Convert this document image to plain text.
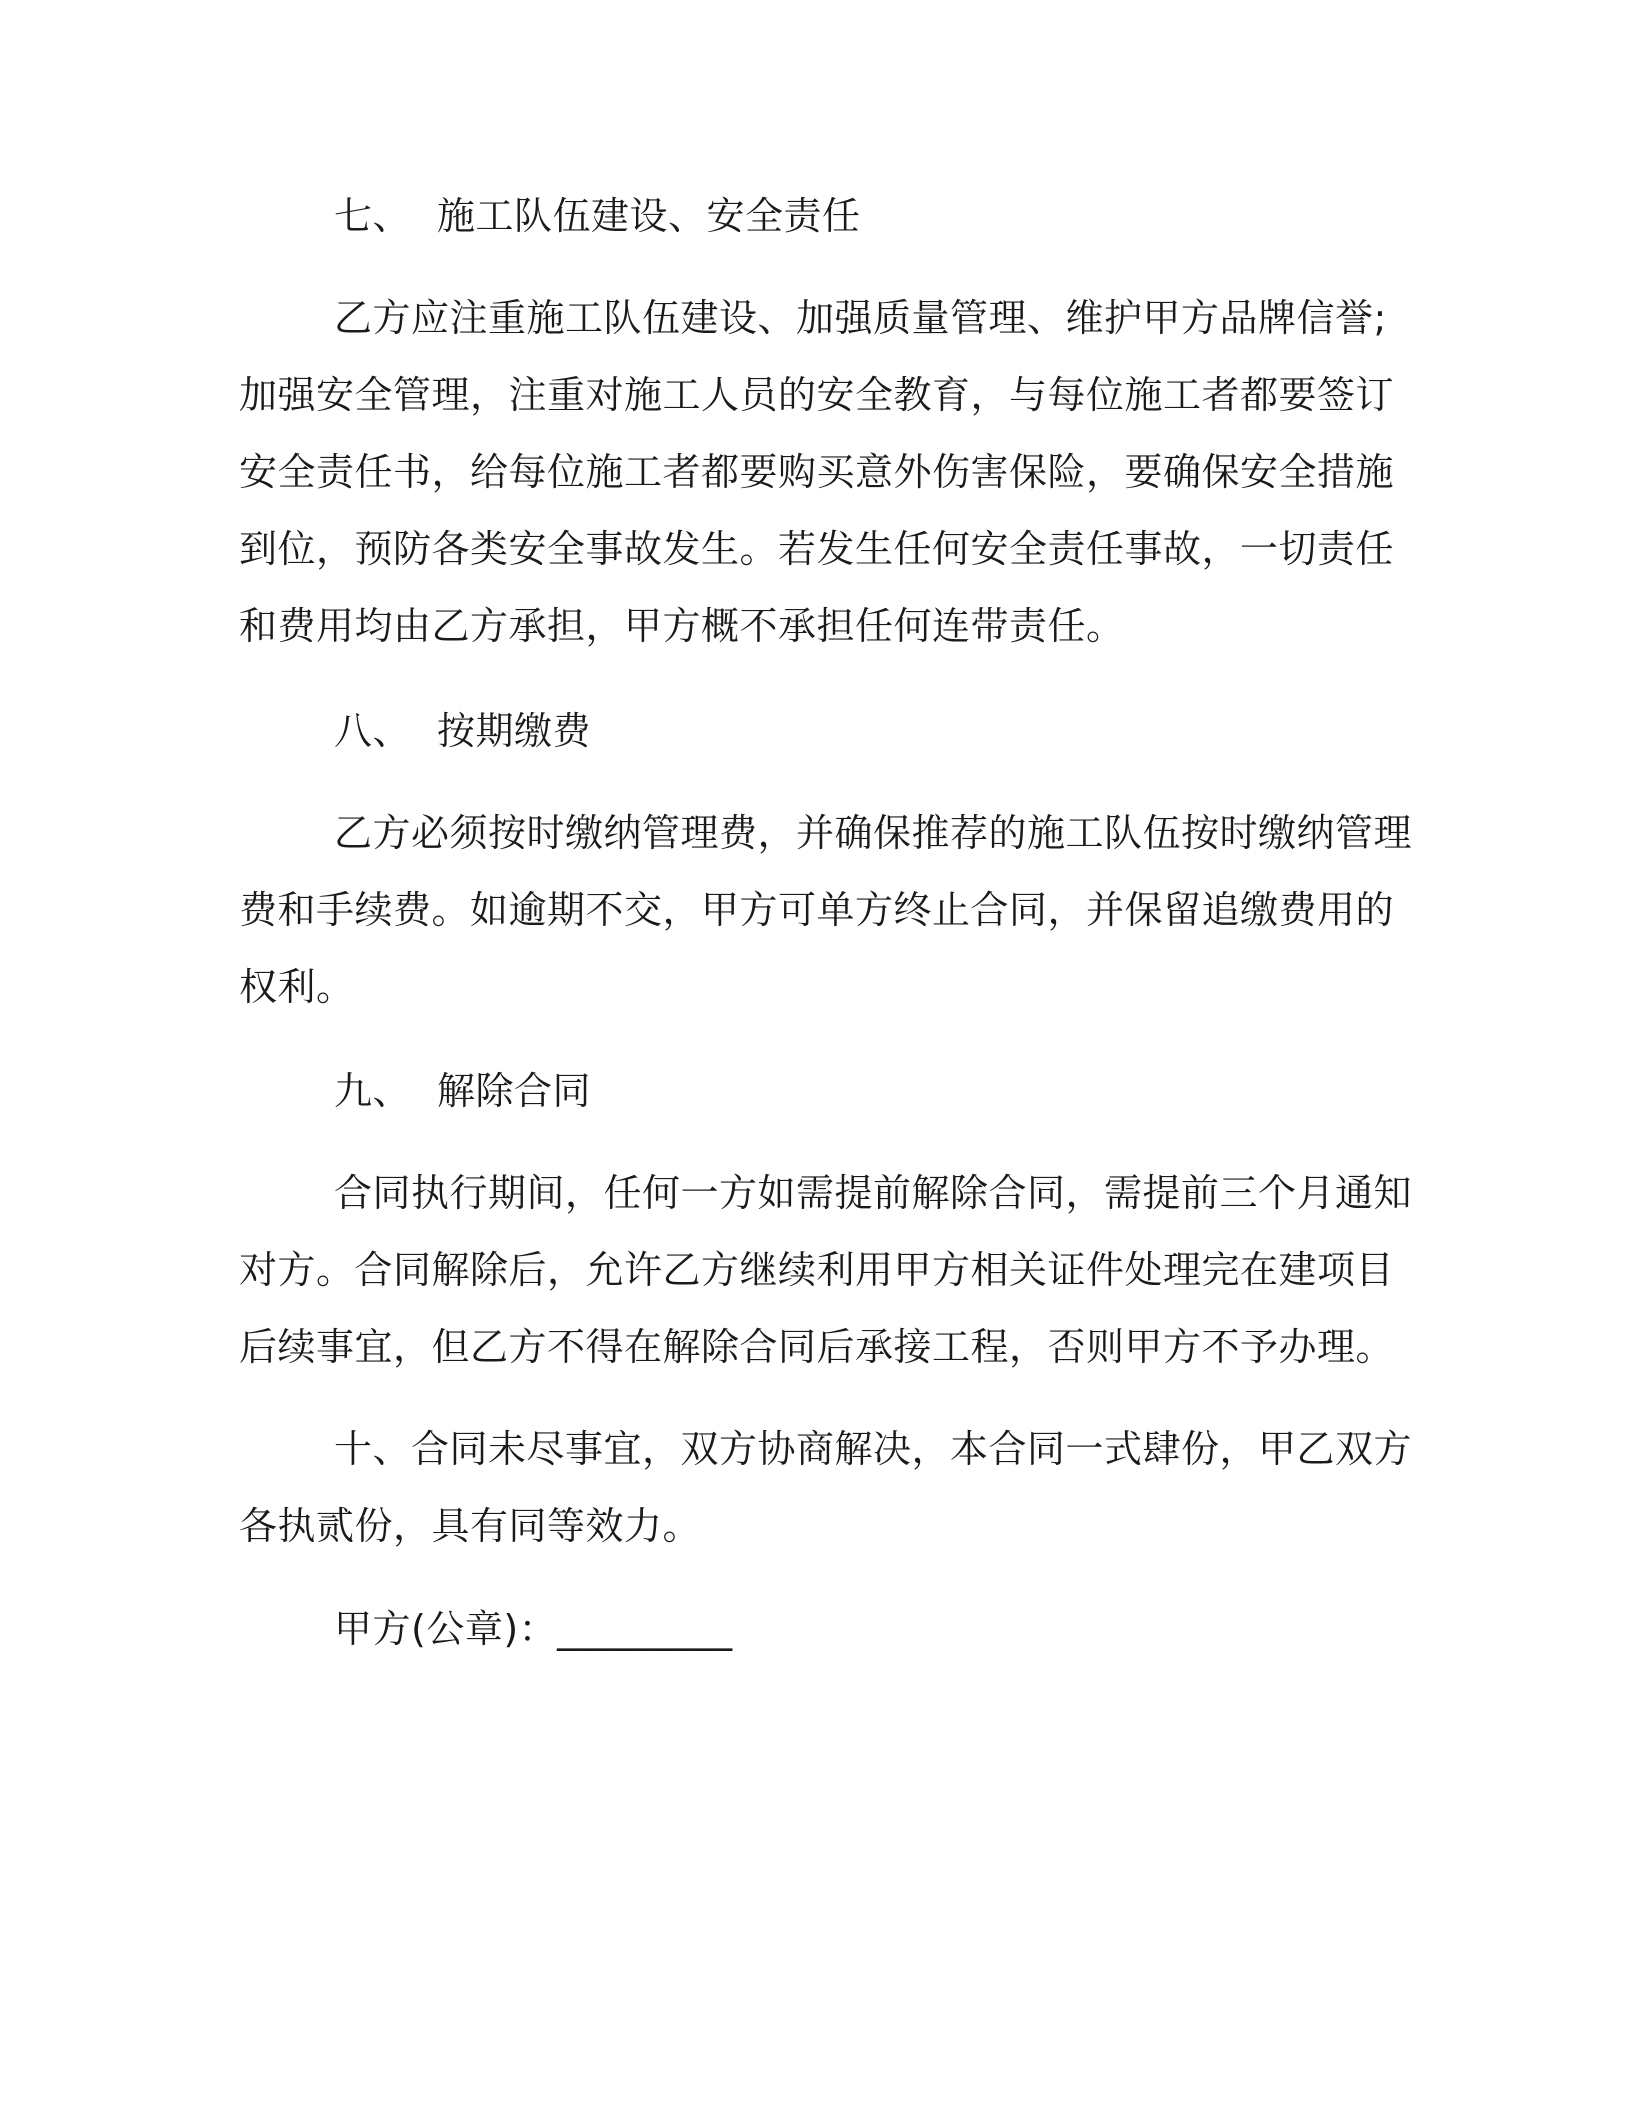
七、 施工队伍建设、安全责任
乙方应注重施工队伍建设、加强质量管理、维护甲方品牌信誉;
加强安全管理，注重对施工人员的安全教育，与每位施工者都要签订
安全责任书，给每位施工者都要购买意外伤害保险，要确保安全措施
到位，预防各类安全事故发生。若发生任何安全责任事故，一切责任
和费用均由乙方承担，甲方概不承担任何连带责任。
八、 按期缴费
乙方必须按时缴纳管理费，并确保推荐的施工队伍按时缴纳管理
费和手续费。如逾期不交，甲方可单方终止合同，并保留追缴费用的
权利。
九、 解除合同
合同执行期间，任何一方如需提前解除合同，需提前三个月通知
对方。合同解除后，允许乙方继续利用甲方相关证件处理完在建项目
后续事宜，但乙方不得在解除合同后承接工程，否则甲方不予办理。
十、合同未尽事宜，双方协商解决，本合同一式肆份，甲乙双方
各执贰份，具有同等效力。
甲方(公章)：_________
